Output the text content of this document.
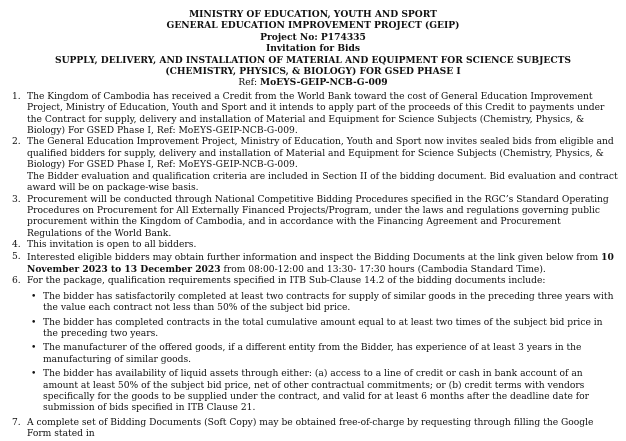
MINISTRY OF EDUCATION, YOUTH AND SPORT
GENERAL EDUCATION IMPROVEMENT PROJECT (GEIP)
Project No: P174335
Invitation for Bids
SUPPLY, DELIVERY, AND INSTALLATION OF MATERIAL AND EQUIPMENT FOR SCIENCE SUBJECTS
(CHEMISTRY, PHYSICS, & BIOLOGY) FOR GSED PHASE I
Ref: MoEYS-GEIP-NCB-G-009
1. The Kingdom of Cambodia has received a Credit from the World Bank toward the cost of General Education Improvement Project, Ministry of Education, Youth and Sport and it intends to apply part of the proceeds of this Credit to payments under the Contract for supply, delivery and installation of Material and Equipment for Science Subjects (Chemistry, Physics, & Biology) For GSED Phase I, Ref: MoEYS-GEIP-NCB-G-009.
2. The General Education Improvement Project, Ministry of Education, Youth and Sport now invites sealed bids from eligible and qualified bidders for supply, delivery and installation of Material and Equipment for Science Subjects (Chemistry, Physics, & Biology) For GSED Phase I, Ref: MoEYS-GEIP-NCB-G-009.
The Bidder evaluation and qualification criteria are included in Section II of the bidding document. Bid evaluation and contract award will be on package-wise basis.
3. Procurement will be conducted through National Competitive Bidding Procedures specified in the RGC’s Standard Operating Procedures on Procurement for All Externally Financed Projects/Program, under the laws and regulations governing public procurement within the Kingdom of Cambodia, and in accordance with the Financing Agreement and Procurement Regulations of the World Bank.
4. This invitation is open to all bidders.
5. Interested eligible bidders may obtain further information and inspect the Bidding Documents at the link given below from 10 November 2023 to 13 December 2023 from 08:00-12:00 and 13:30- 17:30 hours (Cambodia Standard Time).
6. For the package, qualification requirements specified in ITB Sub-Clause 14.2 of the bidding documents include:
• The bidder has satisfactorily completed at least two contracts for supply of similar goods in the preceding three years with the value each contract not less than 50% of the subject bid price.
• The bidder has completed contracts in the total cumulative amount equal to at least two times of the subject bid price in the preceding two years.
• The manufacturer of the offered goods, if a different entity from the Bidder, has experience of at least 3 years in the manufacturing of similar goods.
• The bidder has availability of liquid assets through either: (a) access to a line of credit or cash in bank account of an amount at least 50% of the subject bid price, net of other contractual commitments; or (b) credit terms with vendors specifically for the goods to be supplied under the contract, and valid for at least 6 months after the deadline date for submission of bids specified in ITB Clause 21.
7. A complete set of Bidding Documents (Soft Copy) may be obtained free-of-charge by requesting through filling the Google Form stated in
